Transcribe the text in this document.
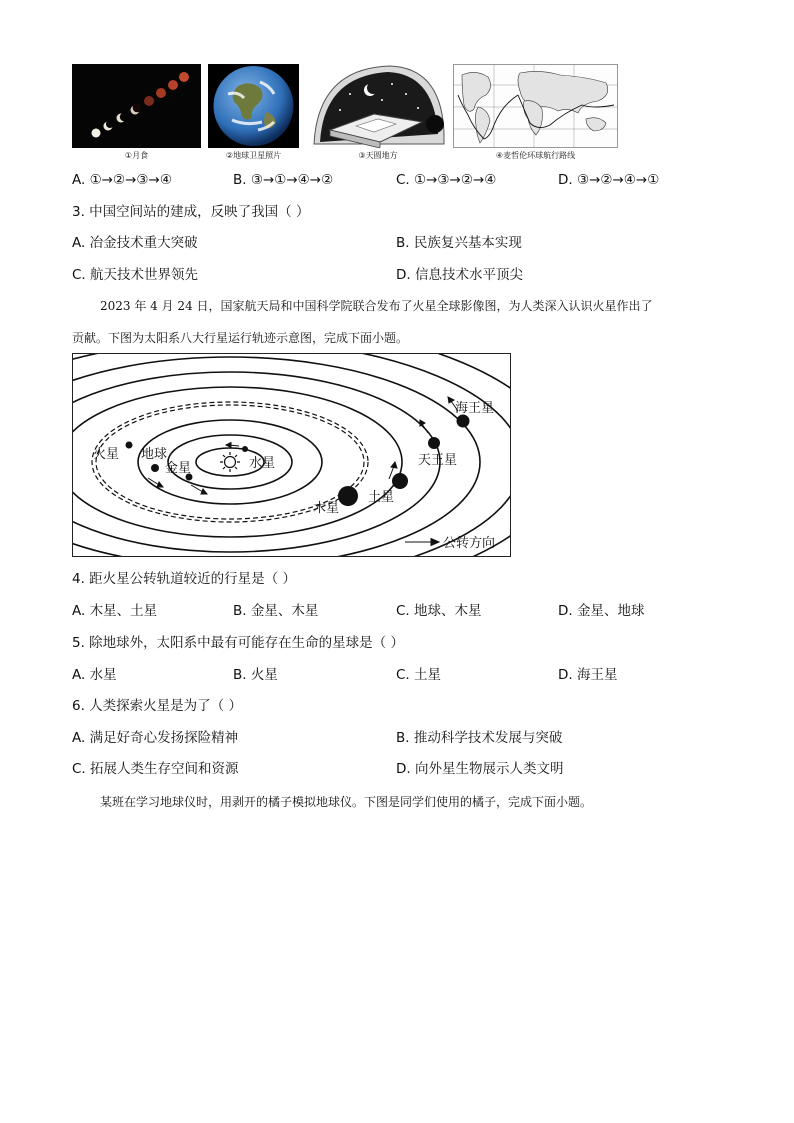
①月食	②地球卫星照片	③天圆地方	④麦哲伦环球航行路线
A. ①→②→③→④	B. ③→①→④→②	C. ①→③→②→④	D. ③→②→④→①
3. 中国空间站的建成，反映了我国（ ）
A. 冶金技术重大突破	B. 民族复兴基本实现
C. 航天技术世界领先	D. 信息技术水平顶尖
2023 年 4 月 24 日，国家航天局和中国科学院联合发布了火星全球影像图，为人类深入认识火星作出了
贡献。下图为太阳系八大行星运行轨迹示意图，完成下面小题。
水星
金星
地球
火星
木星
土星
天王星
海王星
公转方向
4. 距火星公转轨道较近的行星是（ ）
A. 木星、土星	B. 金星、木星	C. 地球、木星	D. 金星、地球
5. 除地球外，太阳系中最有可能存在生命的星球是（ ）
A. 水星	B. 火星	C. 土星	D. 海王星
6. 人类探索火星是为了（ ）
A. 满足好奇心发扬探险精神	B. 推动科学技术发展与突破
C. 拓展人类生存空间和资源	D. 向外星生物展示人类文明
某班在学习地球仪时，用剥开的橘子模拟地球仪。下图是同学们使用的橘子，完成下面小题。
